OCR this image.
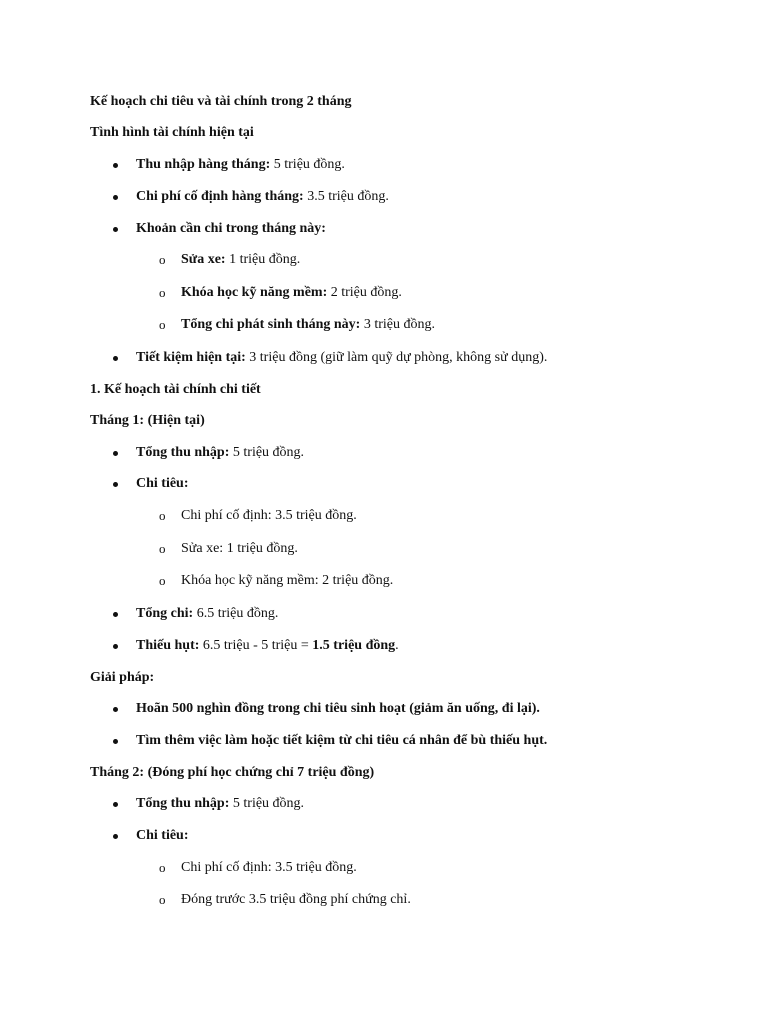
Kế hoạch chi tiêu và tài chính trong 2 tháng
Tình hình tài chính hiện tại
Thu nhập hàng tháng: 5 triệu đồng.
Chi phí cố định hàng tháng: 3.5 triệu đồng.
Khoản cần chi trong tháng này:
o Sửa xe: 1 triệu đồng.
o Khóa học kỹ năng mềm: 2 triệu đồng.
o Tổng chi phát sinh tháng này: 3 triệu đồng.
Tiết kiệm hiện tại: 3 triệu đồng (giữ làm quỹ dự phòng, không sử dụng).
1. Kế hoạch tài chính chi tiết
Tháng 1: (Hiện tại)
Tổng thu nhập: 5 triệu đồng.
Chi tiêu:
o Chi phí cố định: 3.5 triệu đồng.
o Sửa xe: 1 triệu đồng.
o Khóa học kỹ năng mềm: 2 triệu đồng.
Tổng chi: 6.5 triệu đồng.
Thiếu hụt: 6.5 triệu - 5 triệu = 1.5 triệu đồng.
Giải pháp:
Hoãn 500 nghìn đồng trong chi tiêu sinh hoạt (giảm ăn uống, đi lại).
Tìm thêm việc làm hoặc tiết kiệm từ chi tiêu cá nhân để bù thiếu hụt.
Tháng 2: (Đóng phí học chứng chỉ 7 triệu đồng)
Tổng thu nhập: 5 triệu đồng.
Chi tiêu:
o Chi phí cố định: 3.5 triệu đồng.
o Đóng trước 3.5 triệu đồng phí chứng chỉ.
